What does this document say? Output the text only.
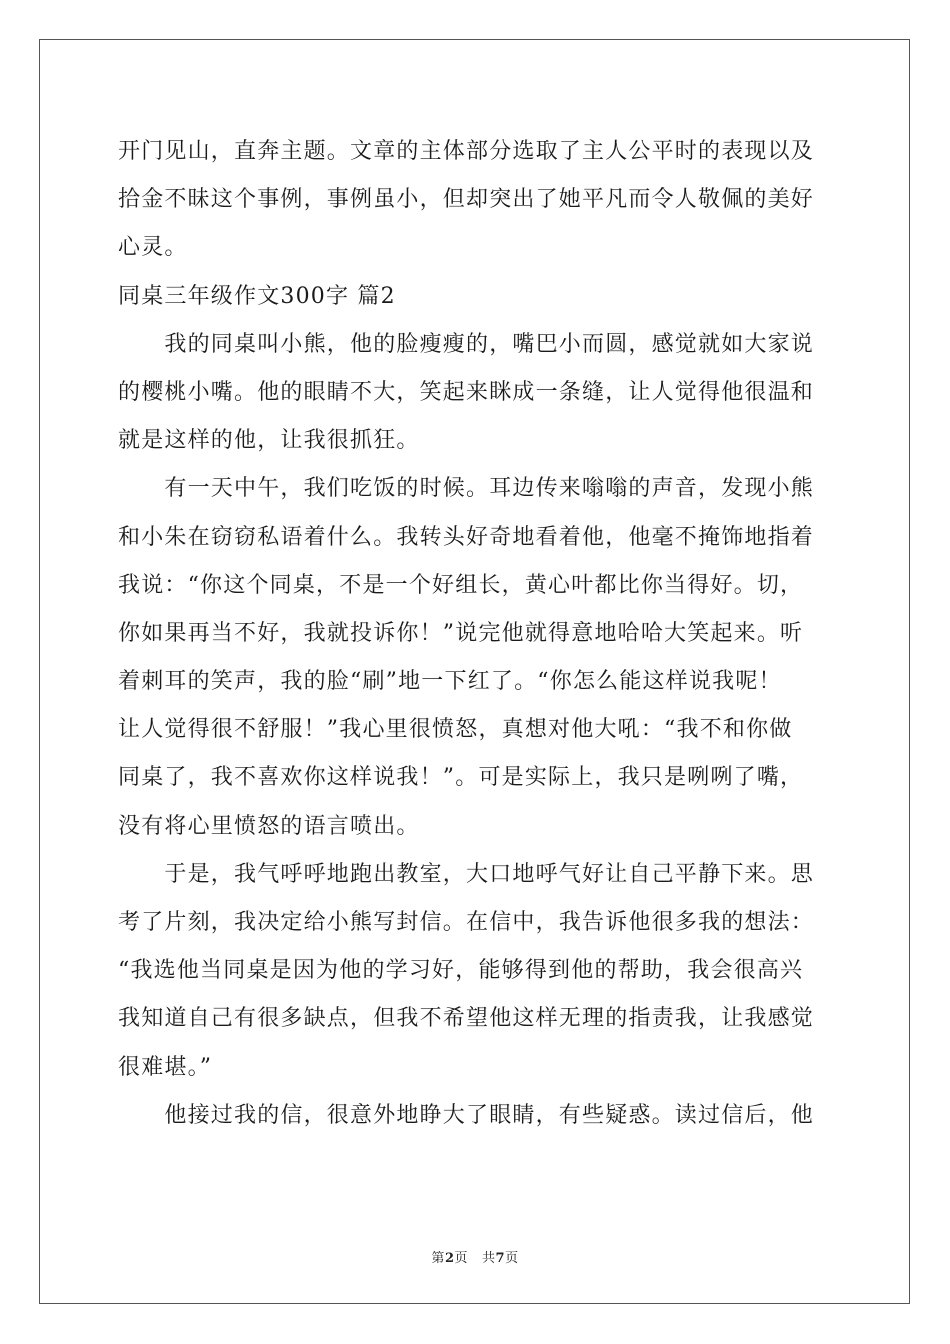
开门见山，直奔主题。文章的主体部分选取了主人公平时的表现以及
拾金不昧这个事例，事例虽小，但却突出了她平凡而令人敬佩的美好
心灵。
同桌三年级作文300字 篇2
　　我的同桌叫小熊，他的脸瘦瘦的，嘴巴小而圆，感觉就如大家说
的樱桃小嘴。他的眼睛不大，笑起来眯成一条缝，让人觉得他很温和
就是这样的他，让我很抓狂。
　　有一天中午，我们吃饭的时候。耳边传来嗡嗡的声音，发现小熊
和小朱在窃窃私语着什么。我转头好奇地看着他，他毫不掩饰地指着
我说：“你这个同桌，不是一个好组长，黄心叶都比你当得好。切，
你如果再当不好，我就投诉你！”说完他就得意地哈哈大笑起来。听
着刺耳的笑声，我的脸“刷”地一下红了。“你怎么能这样说我呢！
让人觉得很不舒服！”我心里很愤怒，真想对他大吼：“我不和你做
同桌了，我不喜欢你这样说我！”。可是实际上，我只是咧咧了嘴，
没有将心里愤怒的语言喷出。
　　于是，我气呼呼地跑出教室，大口地呼气好让自己平静下来。思
考了片刻，我决定给小熊写封信。在信中，我告诉他很多我的想法：
“我选他当同桌是因为他的学习好，能够得到他的帮助，我会很高兴
我知道自己有很多缺点，但我不希望他这样无理的指责我，让我感觉
很难堪。”
　　他接过我的信，很意外地睁大了眼睛，有些疑惑。读过信后，他
第2页 共7页
